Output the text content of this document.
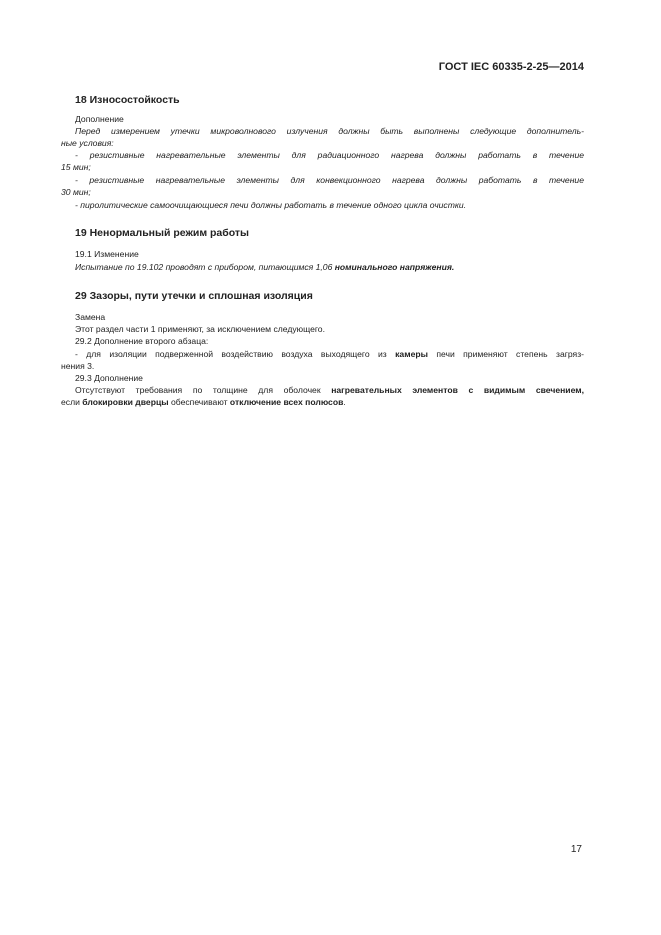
ГОСТ IEC 60335-2-25—2014
18 Износостойкость
19 Ненормальный режим работы
29 Зазоры, пути утечки и сплошная изоляция
Дополнение
Перед измерением утечки микроволнового излучения должны быть выполнены следующие дополнитель-
ные условия:
- резистивные нагревательные элементы для радиационного нагрева должны работать в течение
15 мин;
- резистивные нагревательные элементы для конвекционного нагрева должны работать в течение
30 мин;
- пиролитические самоочищающиеся печи должны работать в течение одного цикла очистки.
19.1 Изменение
Испытание по 19.102 проводят с прибором, питающимся 1,06 номинального напряжения.
Замена
Этот раздел части 1 применяют, за исключением следующего.
29.2 Дополнение второго абзаца:
- для изоляции подверженной воздействию воздуха выходящего из камеры печи применяют степень загряз-
нения 3.
29.3 Дополнение
Отсутствуют требования по толщине для оболочек нагревательных элементов с видимым свечением,
если блокировки дверцы обеспечивают отключение всех полюсов.
17
